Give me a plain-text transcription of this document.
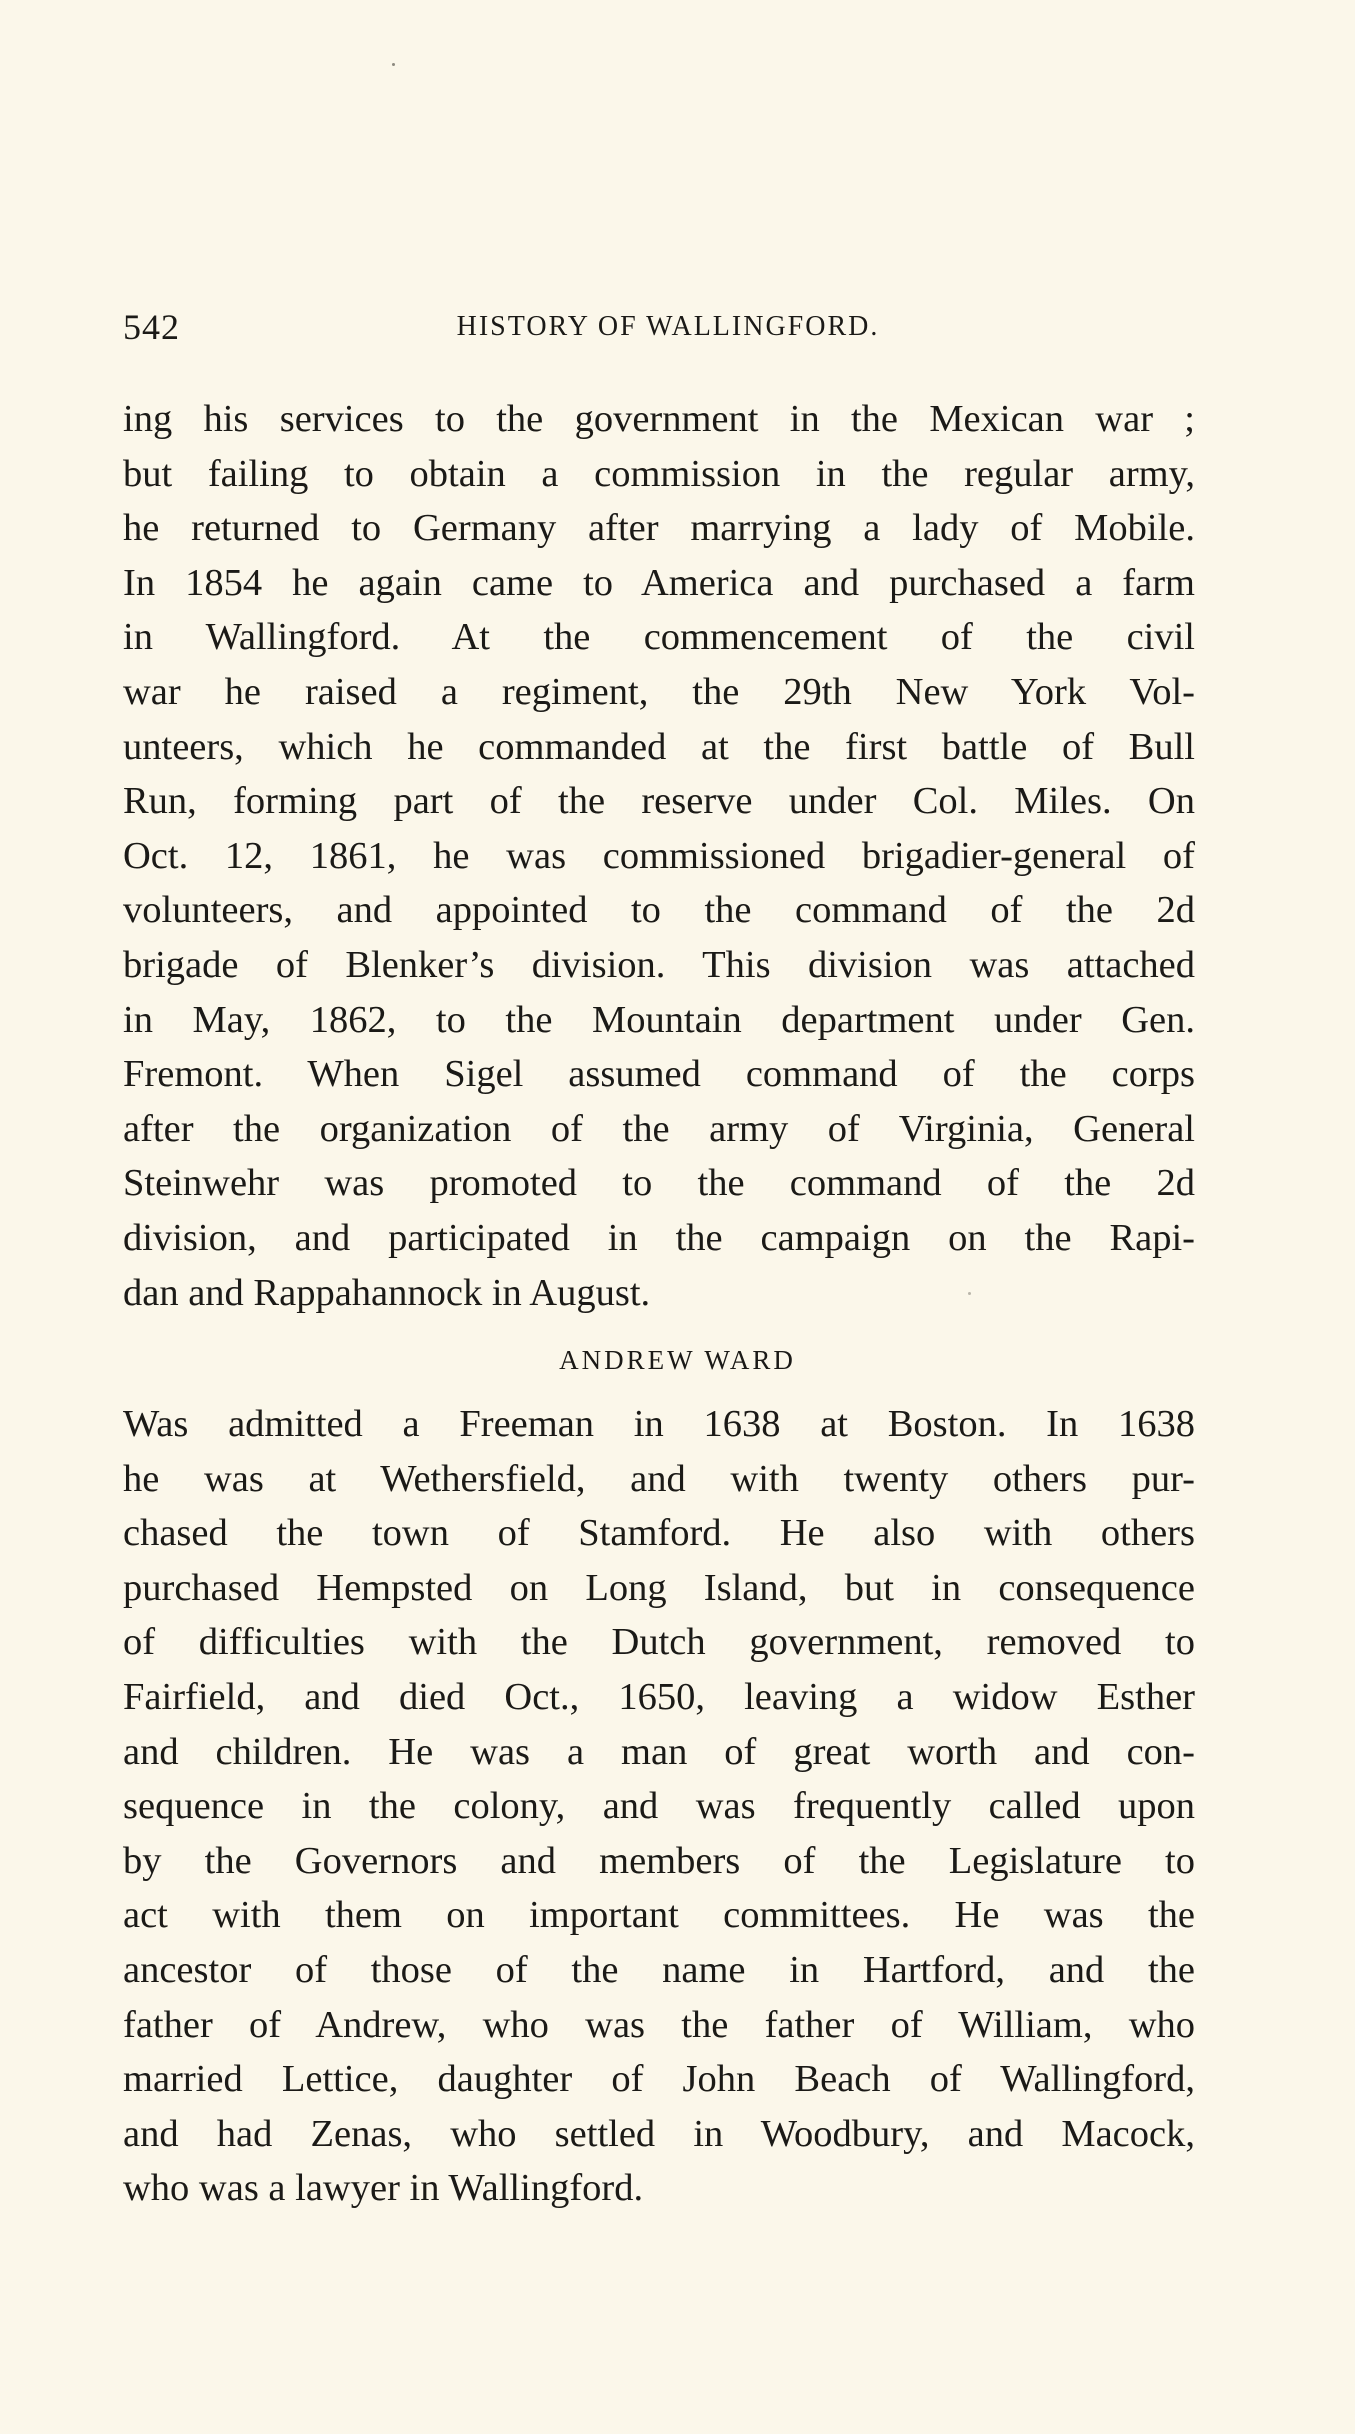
542	HISTORY OF WALLINGFORD.
ing his services to the government in the Mexican war ;
but failing to obtain a commission in the regular army,
he returned to Germany after marrying a lady of Mobile.
In 1854 he again came to America and purchased a farm
in Wallingford. At the commencement of the civil
war he raised a regiment, the 29th New York Vol-
unteers, which he commanded at the first battle of Bull
Run, forming part of the reserve under Col. Miles. On
Oct. 12, 1861, he was commissioned brigadier-general of
volunteers, and appointed to the command of the 2d
brigade of Blenker’s division. This division was attached
in May, 1862, to the Mountain department under Gen.
Fremont. When Sigel assumed command of the corps
after the organization of the army of Virginia, General
Steinwehr was promoted to the command of the 2d
division, and participated in the campaign on the Rapi-
dan and Rappahannock in August.
ANDREW WARD
Was admitted a Freeman in 1638 at Boston. In 1638
he was at Wethersfield, and with twenty others pur-
chased the town of Stamford. He also with others
purchased Hempsted on Long Island, but in consequence
of difficulties with the Dutch government, removed to
Fairfield, and died Oct., 1650, leaving a widow Esther
and children. He was a man of great worth and con-
sequence in the colony, and was frequently called upon
by the Governors and members of the Legislature to
act with them on important committees. He was the
ancestor of those of the name in Hartford, and the
father of Andrew, who was the father of William, who
married Lettice, daughter of John Beach of Wallingford,
and had Zenas, who settled in Woodbury, and Macock,
who was a lawyer in Wallingford.
